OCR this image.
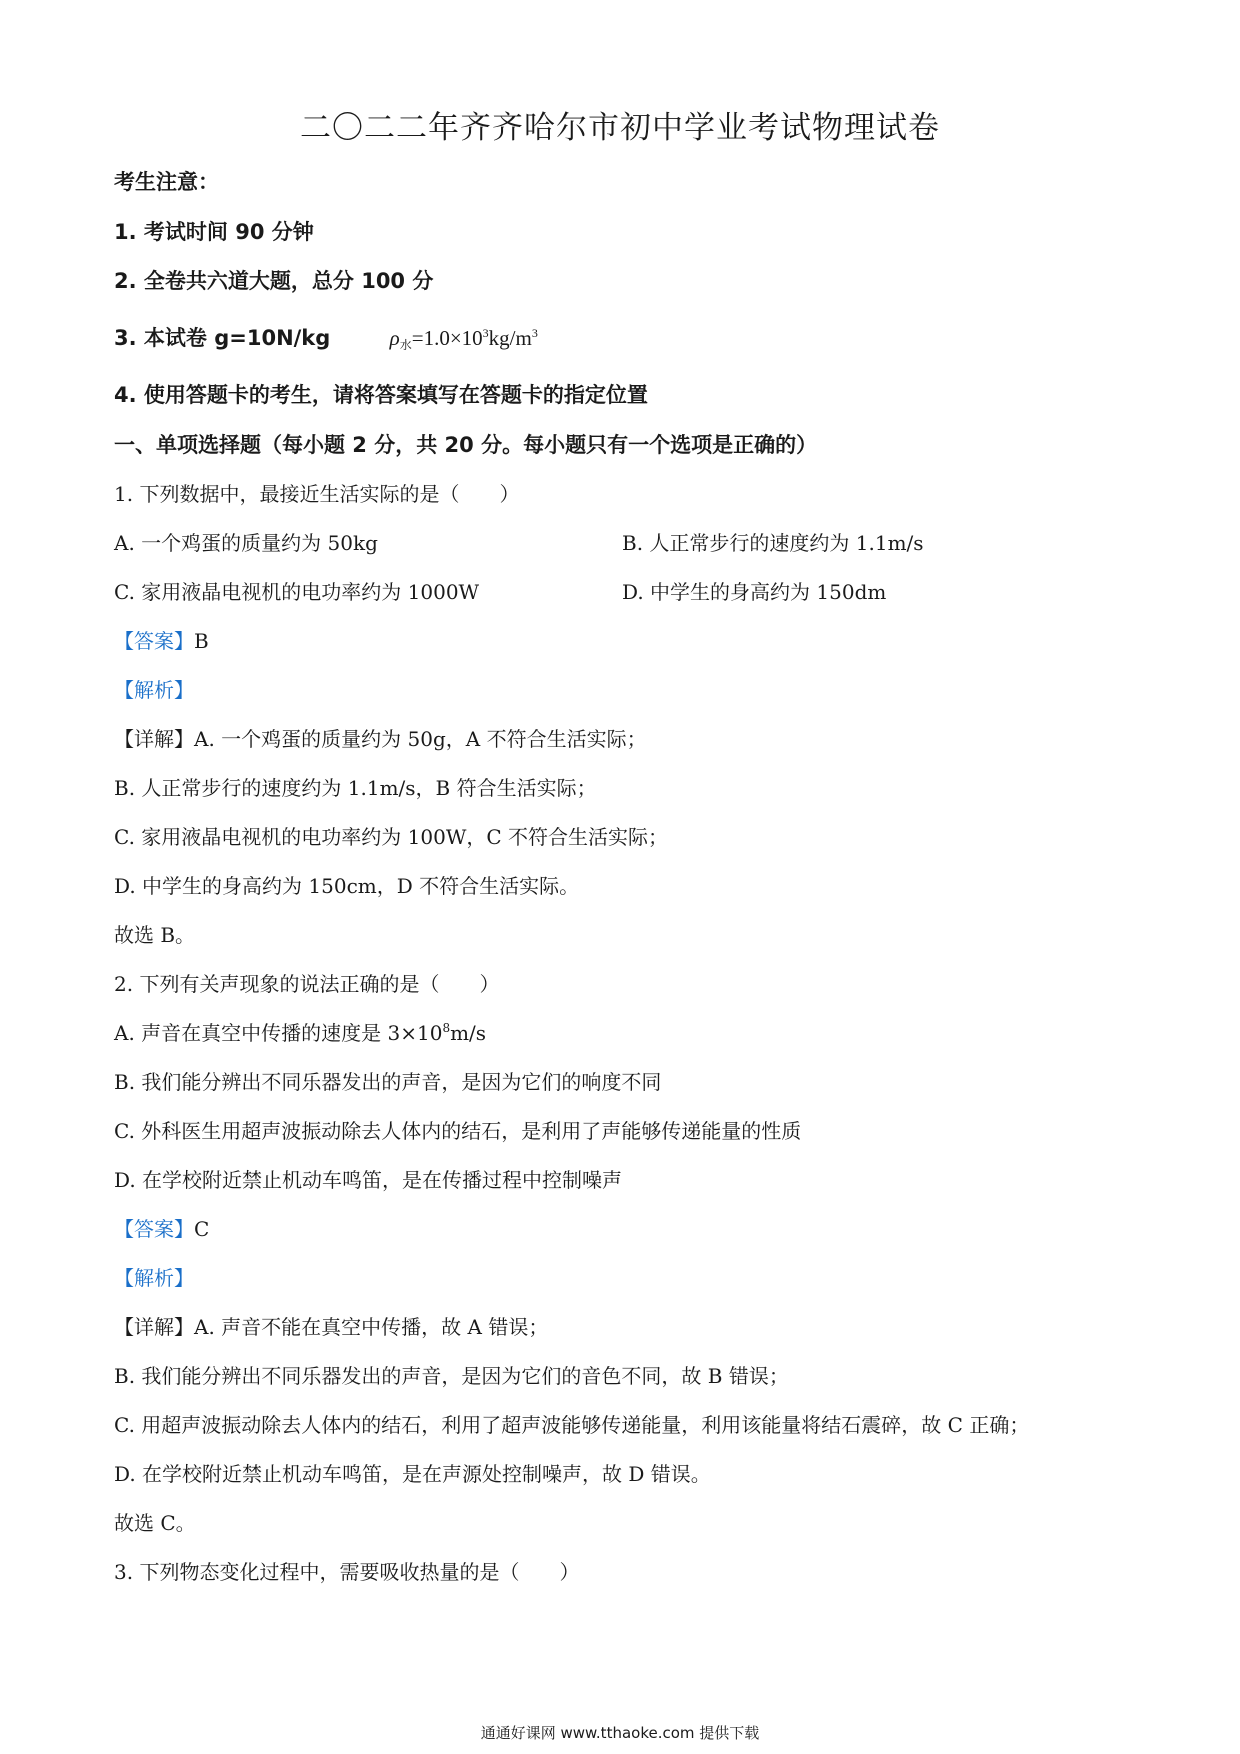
二〇二二年齐齐哈尔市初中学业考试物理试卷
考生注意：
1. 考试时间 90 分钟
2. 全卷共六道大题，总分 100 分
3. 本试卷 g=10N/kg	$\rho_水=1.0\times 10^3kg/m^3$
4. 使用答题卡的考生，请将答案填写在答题卡的指定位置
一、单项选择题（每小题 2 分，共 20 分。每小题只有一个选项是正确的）
1. 下列数据中，最接近生活实际的是（　　）
A. 一个鸡蛋的质量约为 50kg	B. 人正常步行的速度约为 1.1m/s
C. 家用液晶电视机的电功率约为 1000W	D. 中学生的身高约为 150dm
【答案】B
【解析】
【详解】A. 一个鸡蛋的质量约为 50g，A 不符合生活实际；
B. 人正常步行的速度约为 1.1m/s，B 符合生活实际；
C. 家用液晶电视机的电功率约为 100W，C 不符合生活实际；
D. 中学生的身高约为 150cm，D 不符合生活实际。
故选 B。
2. 下列有关声现象的说法正确的是（　　）
A. 声音在真空中传播的速度是 $3\times 10^8m/s$
B. 我们能分辨出不同乐器发出的声音，是因为它们的响度不同
C. 外科医生用超声波振动除去人体内的结石，是利用了声能够传递能量的性质
D. 在学校附近禁止机动车鸣笛，是在传播过程中控制噪声
【答案】C
【解析】
【详解】A. 声音不能在真空中传播，故 A 错误；
B. 我们能分辨出不同乐器发出的声音，是因为它们的音色不同，故 B 错误；
C. 用超声波振动除去人体内的结石，利用了超声波能够传递能量，利用该能量将结石震碎，故 C 正确；
D. 在学校附近禁止机动车鸣笛，是在声源处控制噪声，故 D 错误。
故选 C。
3. 下列物态变化过程中，需要吸收热量的是（　　）
通通好课网 www.tthaoke.com 提供下载
